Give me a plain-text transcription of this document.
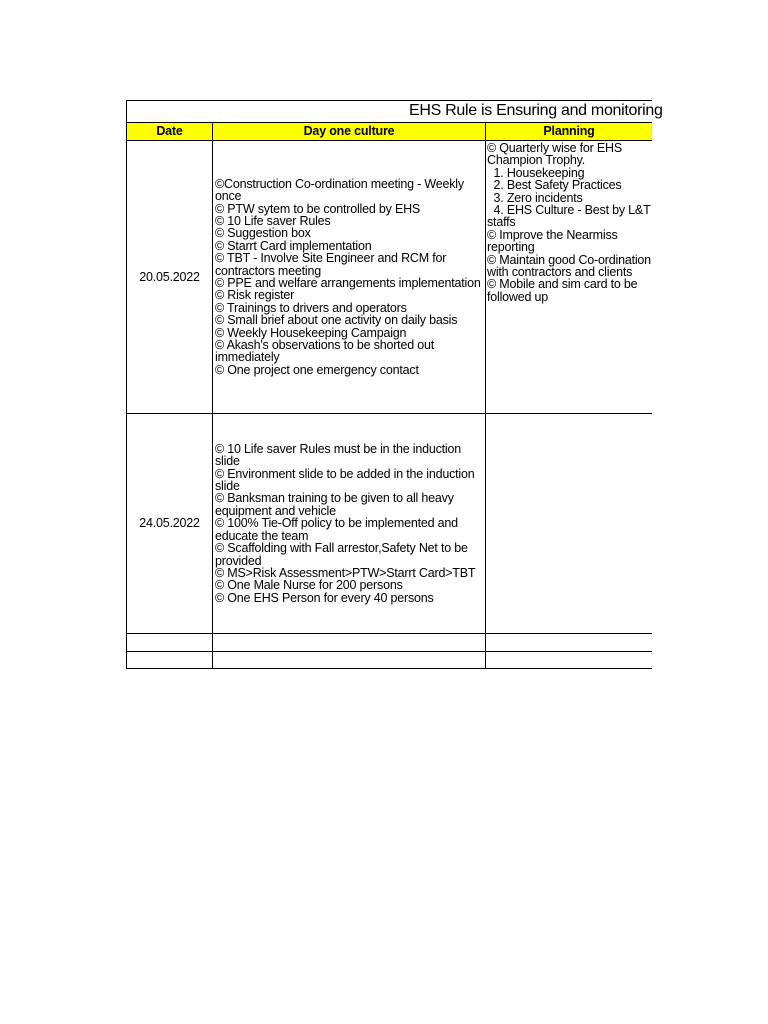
EHS Rule is Ensuring and monitoring
Date	Day one culture	Planning
20.05.2022
©Construction Co-ordination meeting - Weekly once
© PTW sytem to be controlled by EHS
© 10 Life saver Rules
© Suggestion box
© Starrt Card implementation
© TBT - Involve Site Engineer and RCM for contractors meeting
© PPE and welfare arrangements implementation
© Risk register
© Trainings to drivers and operators
© Small brief about one activity on daily basis
© Weekly Housekeeping Campaign
© Akash's observations to be shorted out immediately
© One project one emergency contact
© Quarterly wise for EHS Champion Trophy.
1. Housekeeping
2. Best Safety Practices
3. Zero incidents
4. EHS Culture - Best by L&T staffs
© Improve the Nearmiss reporting
© Maintain good Co-ordination with contractors and clients
© Mobile and sim card to be followed up
24.05.2022
© 10 Life saver Rules must be in the induction slide
© Environment slide to be added in the induction slide
© Banksman training to be given to all heavy equipment and vehicle
© 100% Tie-Off policy to be implemented and educate the team
© Scaffolding with Fall arrestor,Safety Net to be provided
© MS>Risk Assessment>PTW>Starrt Card>TBT
© One Male Nurse for 200 persons
© One EHS Person for every 40 persons
